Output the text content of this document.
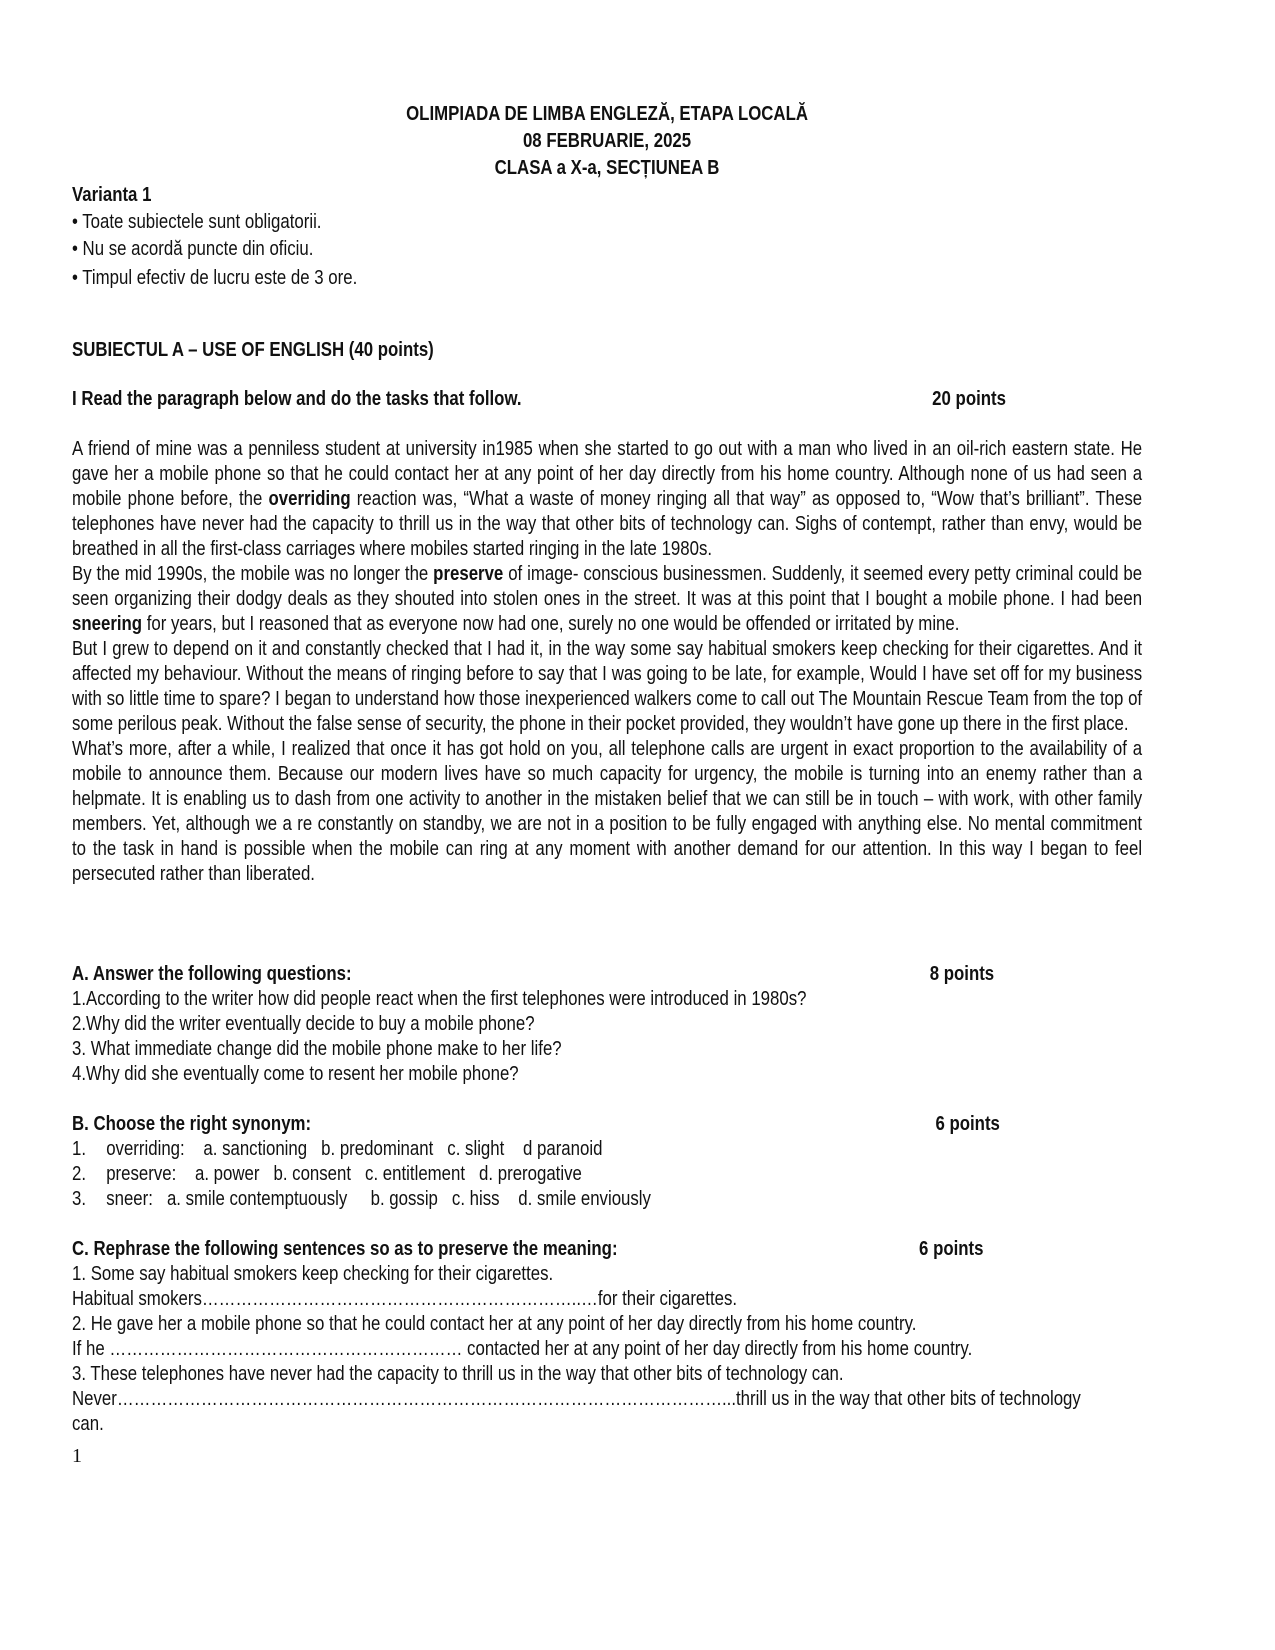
OLIMPIADA DE LIMBA ENGLEZĂ, ETAPA LOCALĂ
08 FEBRUARIE, 2025
CLASA a X-a, SECȚIUNEA B
Varianta 1
• Toate subiectele sunt obligatorii.
• Nu se acordă puncte din oficiu.
• Timpul efectiv de lucru este de 3 ore.
SUBIECTUL A – USE OF ENGLISH (40 points)
I Read the paragraph below and do the tasks that follow.	20 points
A friend of mine was a penniless student at university in1985 when she started to go out with a man who lived in an oil-rich eastern state. He gave her a mobile phone so that he could contact her at any point of her day directly from his home country. Although none of us had seen a mobile phone before, the overriding reaction was, “What a waste of money ringing all that way” as opposed to, “Wow that’s brilliant”. These telephones have never had the capacity to thrill us in the way that other bits of technology can. Sighs of contempt, rather than envy, would be breathed in all the first-class carriages where mobiles started ringing in the late 1980s.
By the mid 1990s, the mobile was no longer the preserve of image- conscious businessmen. Suddenly, it seemed every petty criminal could be seen organizing their dodgy deals as they shouted into stolen ones in the street. It was at this point that I bought a mobile phone. I had been sneering for years, but I reasoned that as everyone now had one, surely no one would be offended or irritated by mine.
But I grew to depend on it and constantly checked that I had it, in the way some say habitual smokers keep checking for their cigarettes. And it affected my behaviour. Without the means of ringing before to say that I was going to be late, for example, Would I have set off for my business with so little time to spare? I began to understand how those inexperienced walkers come to call out The Mountain Rescue Team from the top of some perilous peak. Without the false sense of security, the phone in their pocket provided, they wouldn’t have gone up there in the first place.
What’s more, after a while, I realized that once it has got hold on you, all telephone calls are urgent in exact proportion to the availability of a mobile to announce them. Because our modern lives have so much capacity for urgency, the mobile is turning into an enemy rather than a helpmate. It is enabling us to dash from one activity to another in the mistaken belief that we can still be in touch – with work, with other family members. Yet, although we a re constantly on standby, we are not in a position to be fully engaged with anything else. No mental commitment to the task in hand is possible when the mobile can ring at any moment with another demand for our attention. In this way I began to feel persecuted rather than liberated.
A. Answer the following questions:	8 points
1.According to the writer how did people react when the first telephones were introduced in 1980s?
2.Why did the writer eventually decide to buy a mobile phone?
3. What immediate change did the mobile phone make to her life?
4.Why did she eventually come to resent her mobile phone?
B. Choose the right synonym:	6 points
1. overriding: a. sanctioning b. predominant c. slight d paranoid
2. preserve: a. power b. consent c. entitlement d. prerogative
3. sneer: a. smile contemptuously b. gossip c. hiss d. smile enviously
C. Rephrase the following sentences so as to preserve the meaning:	6 points
1. Some say habitual smokers keep checking for their cigarettes.
Habitual smokers…………………………………………………………..…for their cigarettes.
2. He gave her a mobile phone so that he could contact her at any point of her day directly from his home country.
If he ……………………………………………………… contacted her at any point of her day directly from his home country.
3. These telephones have never had the capacity to thrill us in the way that other bits of technology can.
Never………………………………………………………………………………………………...thrill us in the way that other bits of technology can.
1
